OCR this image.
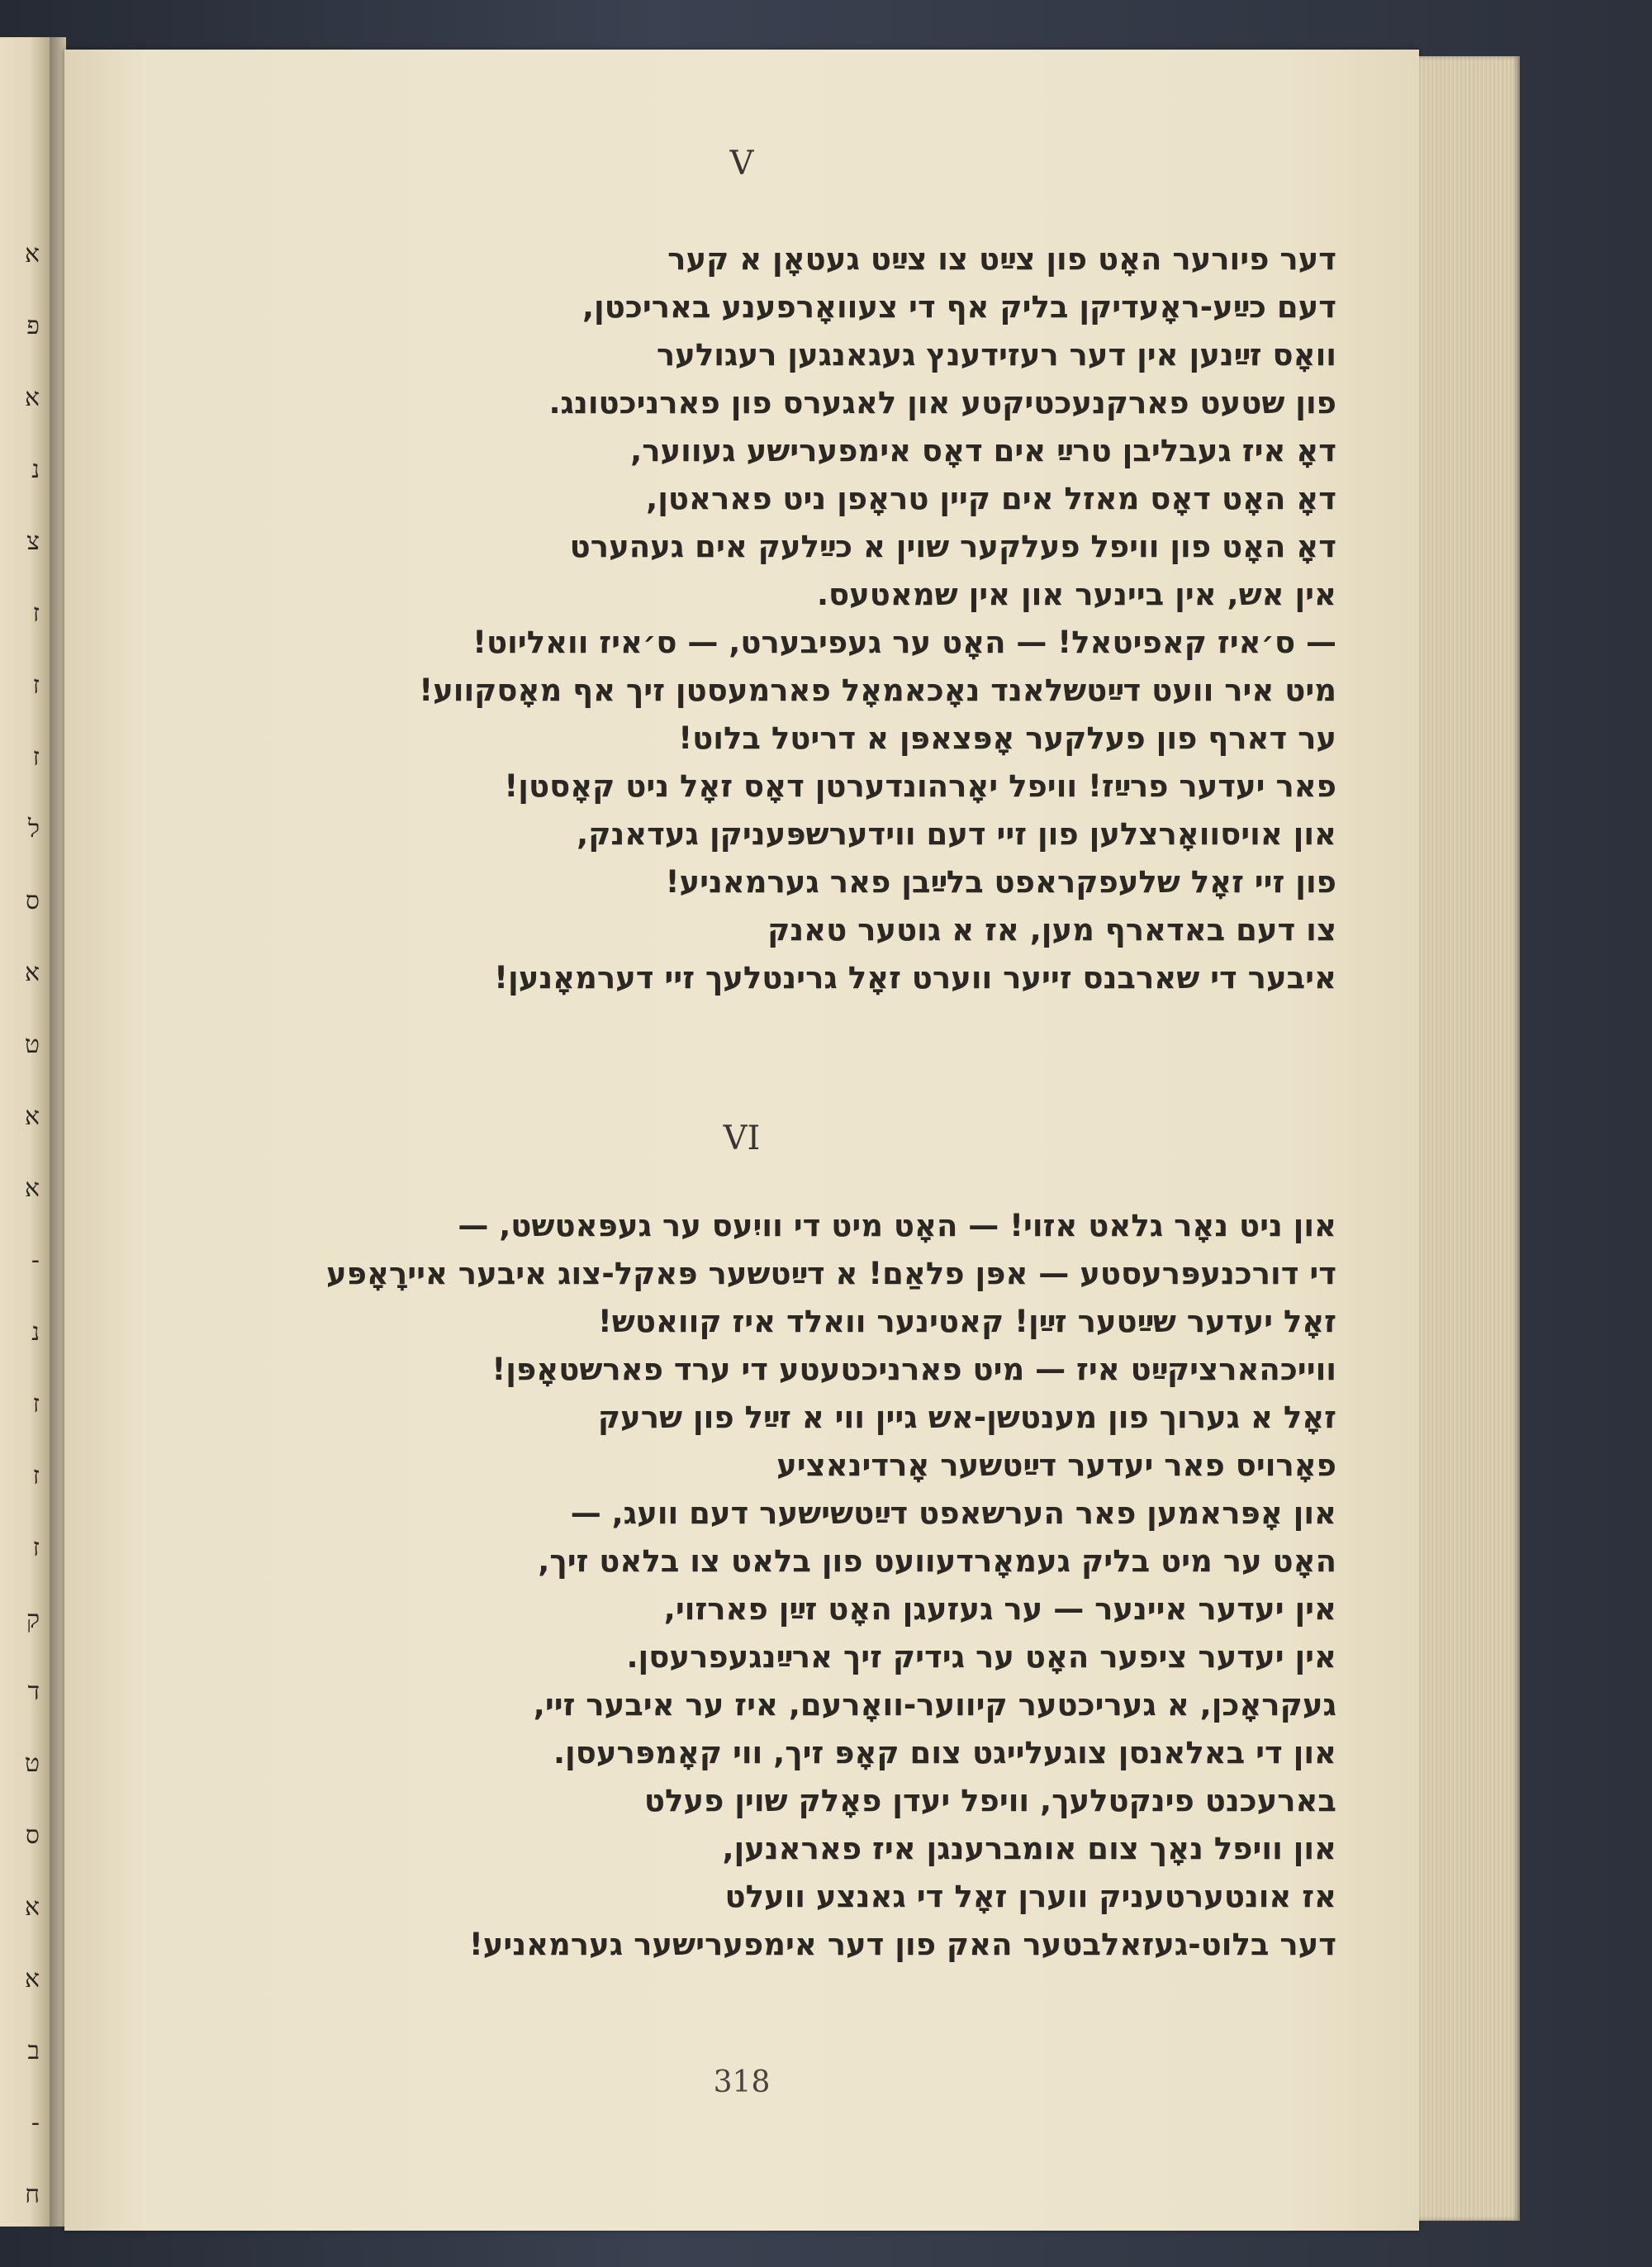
א
פ
א
נ
צ
ז
ז
ז
ל
ס
א
ט
א
א
-
נ
ז
ז
ז
ק
ד
ט
ס
א
א
ב
-
ח
V
דער פיורער האָט פון צײַט צו צײַט געטאָן א קער
דעם כײַע-ראָעדיקן בליק אף די צעוואָרפענע באריכטן,
וואָס זײַנען אין דער רעזידענץ געגאנגען רעגולער
פון שטעט פארקנעכטיקטע און לאגערס פון פארניכטונג.
דאָ איז געבליבן טרײַ אים דאָס אימפערישע געווער,
דאָ האָט דאָס מאזל אים קיין טראָפן ניט פאראטן,
דאָ האָט פון וויפל פעלקער שוין א כײַלעק אים געהערט
אין אש, אין ביינער און אין שמאטעס.
— ס׳איז קאפיטאל! — האָט ער געפיבערט, — ס׳איז וואליוט!
מיט איר וועט דײַטשלאנד נאָכאמאָל פארמעסטן זיך אף מאָסקווע!
ער דארף פון פעלקער אָפּצאפּן א דריטל בלוט!
פאר יעדער פרײַז! וויפל יאָרהונדערטן דאָס זאָל ניט קאָסטן!
און אויסוואָרצלען פון זיי דעם ווידערשפּעניקן געדאנק,
פון זיי זאָל שלעפקראפט בלײַבן פאר גערמאניע!
צו דעם באדארף מען, אז א גוטער טאנק
איבער די שארבנס זייער ווערט זאָל גרינטלעך זיי דערמאָנען!
VI
און ניט נאָר גלאט אזוי! — האָט מיט די וויִעס ער געפּאטשט, —
די דורכנעפּרעסטע — אפּן פלאַם! א דײַטשער פּאקל-צוג איבער איירָאָפּע
זאָל יעדער שײַטער זײַן! קאטינער וואלד איז קוואטש!
ווייכהארציקײַט איז — מיט פארניכטעטע די ערד פארשטאָפּן!
זאָל א גערוך פון מענטשן-אש גיין ווי א זײַל פון שרעק
פאָרויס פאר יעדער דײַטשער אָרדינאציע
און אָפּראמען פאר הערשאפט דײַטשישער דעם וועג, —
האָט ער מיט בליק געמאָרדעוועט פון בלאט צו בלאט זיך,
אין יעדער איינער — ער געזעגן האָט זײַן פארזוי,
אין יעדער ציפער האָט ער גידיק זיך ארײַנגעפרעסן.
געקראָכן, א געריכטער קיווער-וואָרעם, איז ער איבער זיי,
און די באלאנסן צוגעלייגט צום קאָפּ זיך, ווי קאָמפּרעסן.
בארעכנט פינקטלעך, וויפל יעדן פאָלק שוין פעלט
און וויפל נאָך צום אומברענגן איז פאראנען,
אז אונטערטעניק ווערן זאָל די גאנצע וועלט
דער בלוט-געזאלבטער האק פון דער אימפערישער גערמאניע!
318
